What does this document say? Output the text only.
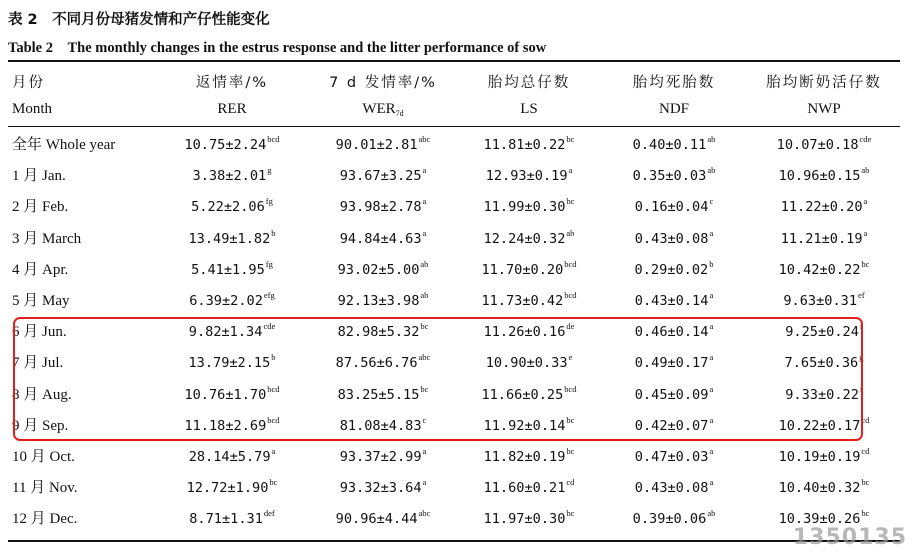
表 2　不同月份母猪发情和产仔性能变化
Table 2　The monthly changes in the estrus response and the litter performance of sow
月份	返情率/%	7 d 发情率/%	胎均总仔数	胎均死胎数	胎均断奶活仔数
Month	RER	$WER_{7d}$	LS	NDF	NWP

全年 Whole year	10.75±2.24$^{bcd}$	90.01±2.81$^{abc}$	11.81±0.22$^{bc}$	0.40±0.11$^{ab}$	10.07±0.18$^{cde}$
1 月 Jan.	3.38±2.01$^g$	93.67±3.25$^a$	12.93±0.19$^a$	0.35±0.03$^{ab}$	10.96±0.15$^{ab}$
2 月 Feb.	5.22±2.06$^{fg}$	93.98±2.78$^a$	11.99±0.30$^{bc}$	0.16±0.04$^c$	11.22±0.20$^a$
3 月 March	13.49±1.82$^b$	94.84±4.63$^a$	12.24±0.32$^{ab}$	0.43±0.08$^a$	11.21±0.19$^a$
4 月 Apr.	5.41±1.95$^{fg}$	93.02±5.00$^{ab}$	11.70±0.20$^{bcd}$	0.29±0.02$^b$	10.42±0.22$^{bc}$
5 月 May	6.39±2.02$^{efg}$	92.13±3.98$^{ab}$	11.73±0.42$^{bcd}$	0.43±0.14$^a$	9.63±0.31$^{ef}$
6 月 Jun.	9.82±1.34$^{cde}$	82.98±5.32$^{bc}$	11.26±0.16de	0.46±0.14$^a$	9.25±0.24$^f$
7 月 Jul.	13.79±2.15$^b$	87.56±6.76$^{abc}$	10.90±0.33$^e$	0.49±0.17$^a$	7.65±0.36$^g$
8 月 Aug.	10.76±1.70$^{bcd}$	83.25±5.15$^{bc}$	11.66±0.25$^{bcd}$	0.45±0.09$^a$	9.33±0.22$^f$
9 月 Sep.	11.18±2.69$^{bcd}$	81.08±4.83$^c$	11.92±0.14$^{bc}$	0.42±0.07$^a$	10.22±0.17$^{cd}$
10 月 Oct.	28.14±5.79$^a$	93.37±2.99$^a$	11.82±0.19$^{bc}$	0.47±0.03$^a$	10.19±0.19$^{cd}$
11 月 Nov.	12.72±1.90$^{bc}$	93.32±3.64$^a$	11.60±0.21$^{cd}$	0.43±0.08$^a$	10.40±0.32$^{bc}$
12 月 Dec.	8.71±1.31$^{def}$	90.96±4.44$^{abc}$	11.97±0.30$^{bc}$	0.39±0.06$^{ab}$	10.39±0.26$^{bc}$
1350135
